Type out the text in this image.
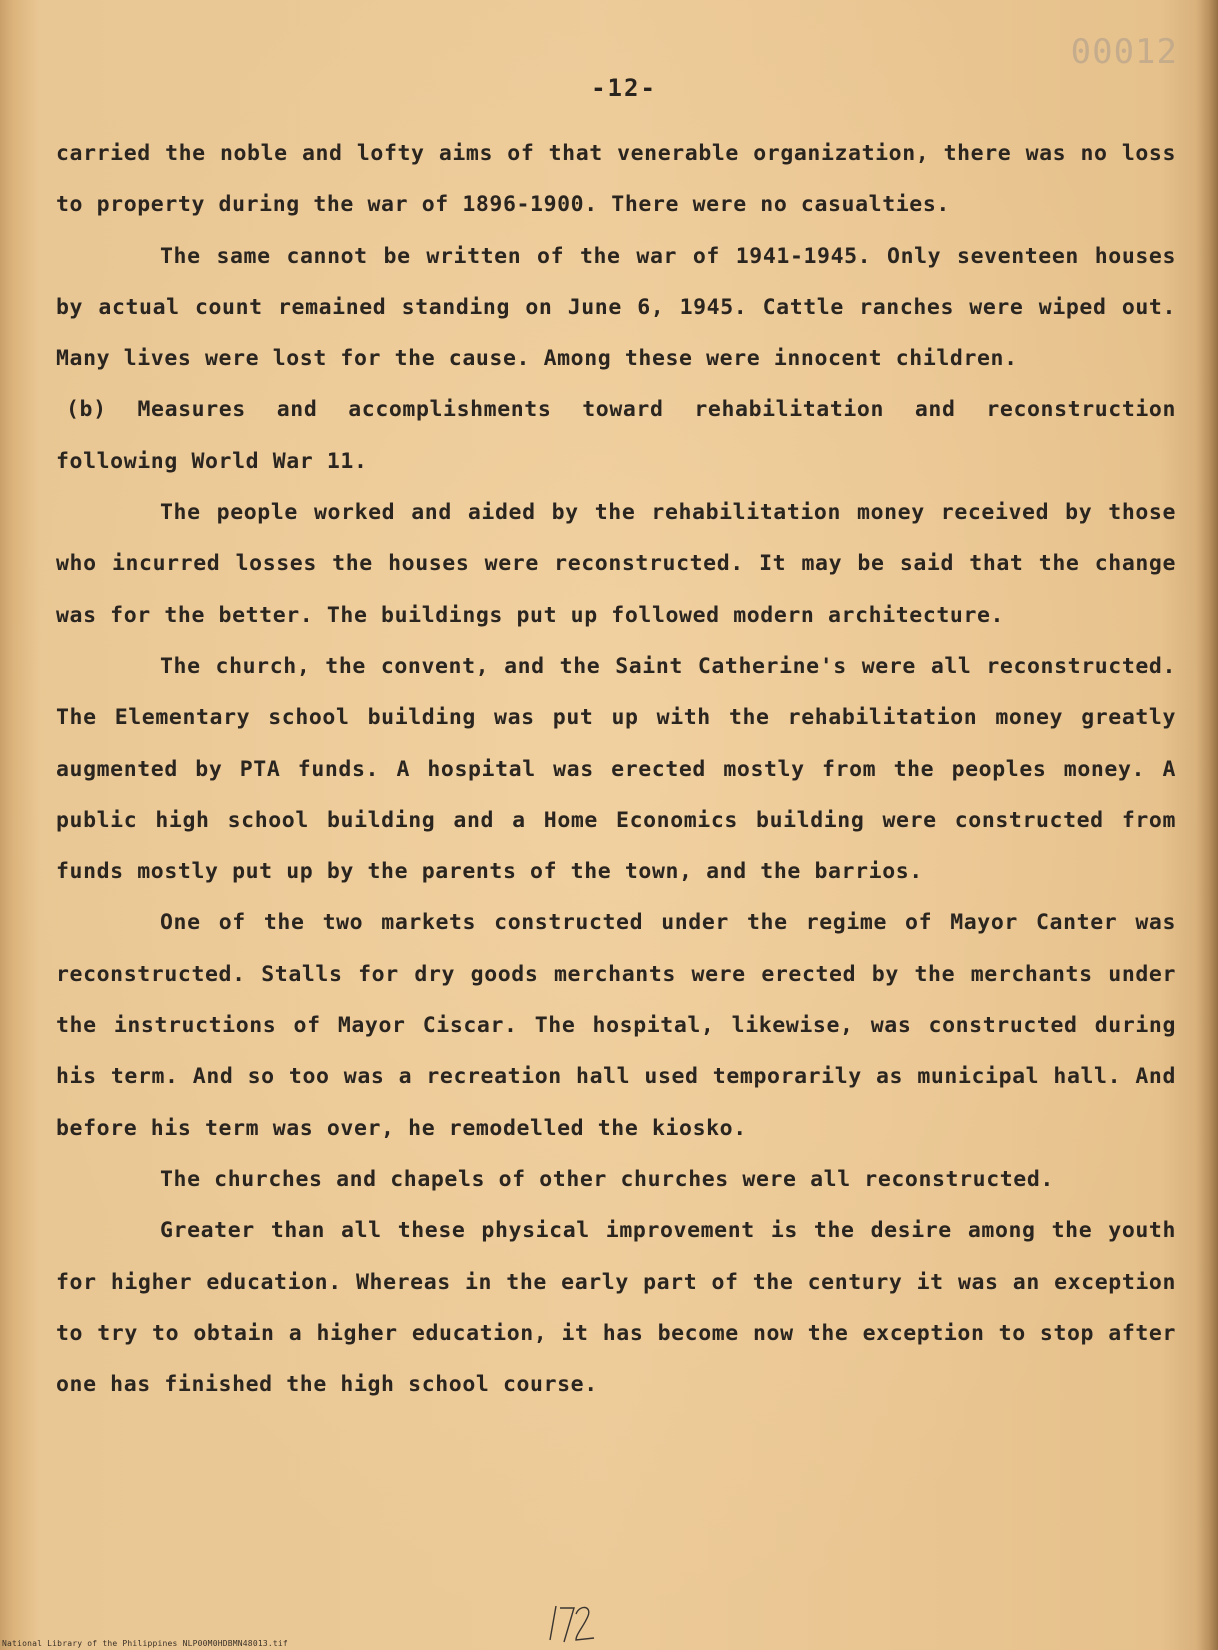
00012
-12-

carried the noble and lofty aims of that venerable organization, there was no loss to property during the war of 1896-1900. There were no casualties.

The same cannot be written of the war of 1941-1945. Only seventeen houses by actual count remained standing on June 6, 1945. Cattle ranches were wiped out. Many lives were lost for the cause. Among these were innocent children.

(b) Measures and accomplishments toward rehabilitation and reconstruction following World War 11.

The people worked and aided by the rehabilitation money received by those who incurred losses the houses were reconstructed. It may be said that the change was for the better. The buildings put up followed modern architecture.

The church, the convent, and the Saint Catherine's were all reconstructed. The Elementary school building was put up with the rehabilitation money greatly augmented by PTA funds. A hospital was erected mostly from the peoples money. A public high school building and a Home Economics building were constructed from funds mostly put up by the parents of the town, and the barrios.

One of the two markets constructed under the regime of Mayor Canter was reconstructed. Stalls for dry goods merchants were erected by the merchants under the instructions of Mayor Ciscar. The hospital, likewise, was constructed during his term. And so too was a recreation hall used temporarily as municipal hall. And before his term was over, he remodelled the kiosko.

The churches and chapels of other churches were all reconstructed.

Greater than all these physical improvement is the desire among the youth for higher education. Whereas in the early part of the century it was an exception to try to obtain a higher education, it has become now the exception to stop after one has finished the high school course.

National Library of the Philippines NLP00M0HDBMN48013.tif
